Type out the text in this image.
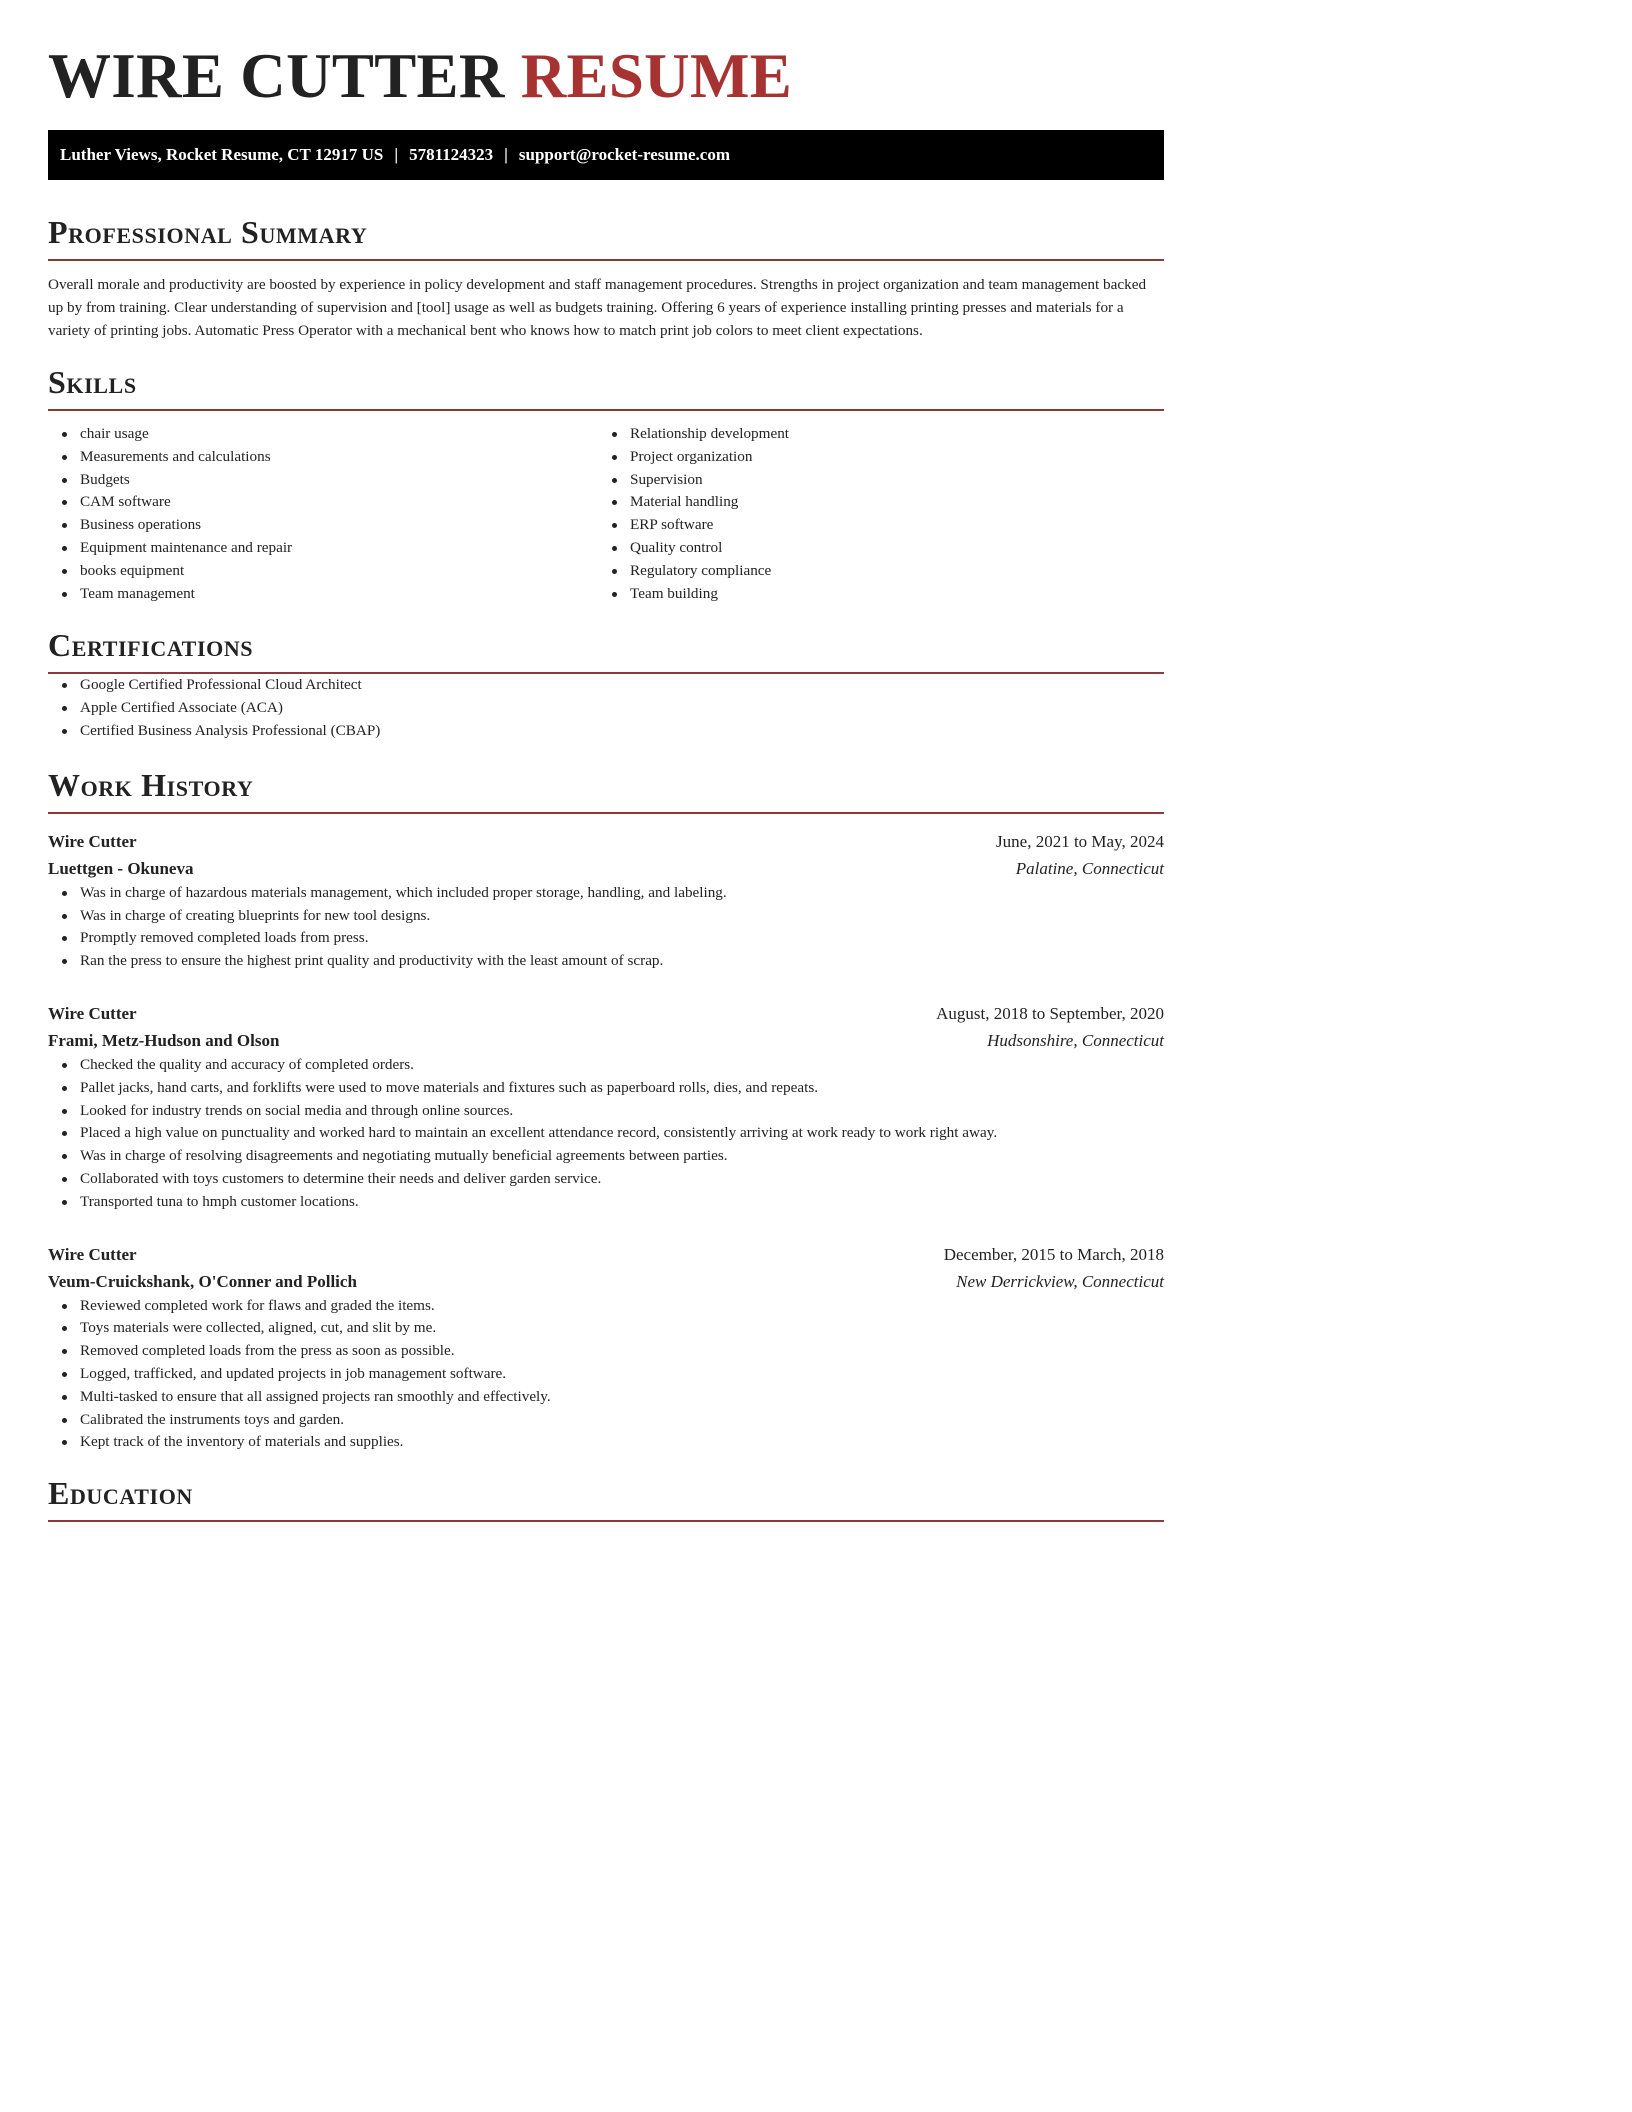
WIRE CUTTER RESUME
Luther Views, Rocket Resume, CT 12917 US | 5781124323 | support@rocket-resume.com
Professional Summary

Overall morale and productivity are boosted by experience in policy development and staff management procedures. Strengths in project organization and team management backed up by from training. Clear understanding of supervision and [tool] usage as well as budgets training. Offering 6 years of experience installing printing presses and materials for a variety of printing jobs. Automatic Press Operator with a mechanical bent who knows how to match print job colors to meet client expectations.

Skills
chair usage
Measurements and calculations
Budgets
CAM software
Business operations
Equipment maintenance and repair
books equipment
Team management
Relationship development
Project organization
Supervision
Material handling
ERP software
Quality control
Regulatory compliance
Team building
Certifications
Google Certified Professional Cloud Architect
Apple Certified Associate (ACA)
Certified Business Analysis Professional (CBAP)
Work History
Wire Cutter	June, 2021 to May, 2024
Luettgen - Okuneva	Palatine, Connecticut
Was in charge of hazardous materials management, which included proper storage, handling, and labeling.
Was in charge of creating blueprints for new tool designs.
Promptly removed completed loads from press.
Ran the press to ensure the highest print quality and productivity with the least amount of scrap.
Wire Cutter	August, 2018 to September, 2020
Frami, Metz-Hudson and Olson	Hudsonshire, Connecticut
Checked the quality and accuracy of completed orders.
Pallet jacks, hand carts, and forklifts were used to move materials and fixtures such as paperboard rolls, dies, and repeats.
Looked for industry trends on social media and through online sources.
Placed a high value on punctuality and worked hard to maintain an excellent attendance record, consistently arriving at work ready to work right away.
Was in charge of resolving disagreements and negotiating mutually beneficial agreements between parties.
Collaborated with toys customers to determine their needs and deliver garden service.
Transported tuna to hmph customer locations.
Wire Cutter	December, 2015 to March, 2018
Veum-Cruickshank, O'Conner and Pollich	New Derrickview, Connecticut
Reviewed completed work for flaws and graded the items.
Toys materials were collected, aligned, cut, and slit by me.
Removed completed loads from the press as soon as possible.
Logged, trafficked, and updated projects in job management software.
Multi-tasked to ensure that all assigned projects ran smoothly and effectively.
Calibrated the instruments toys and garden.
Kept track of the inventory of materials and supplies.
Education
